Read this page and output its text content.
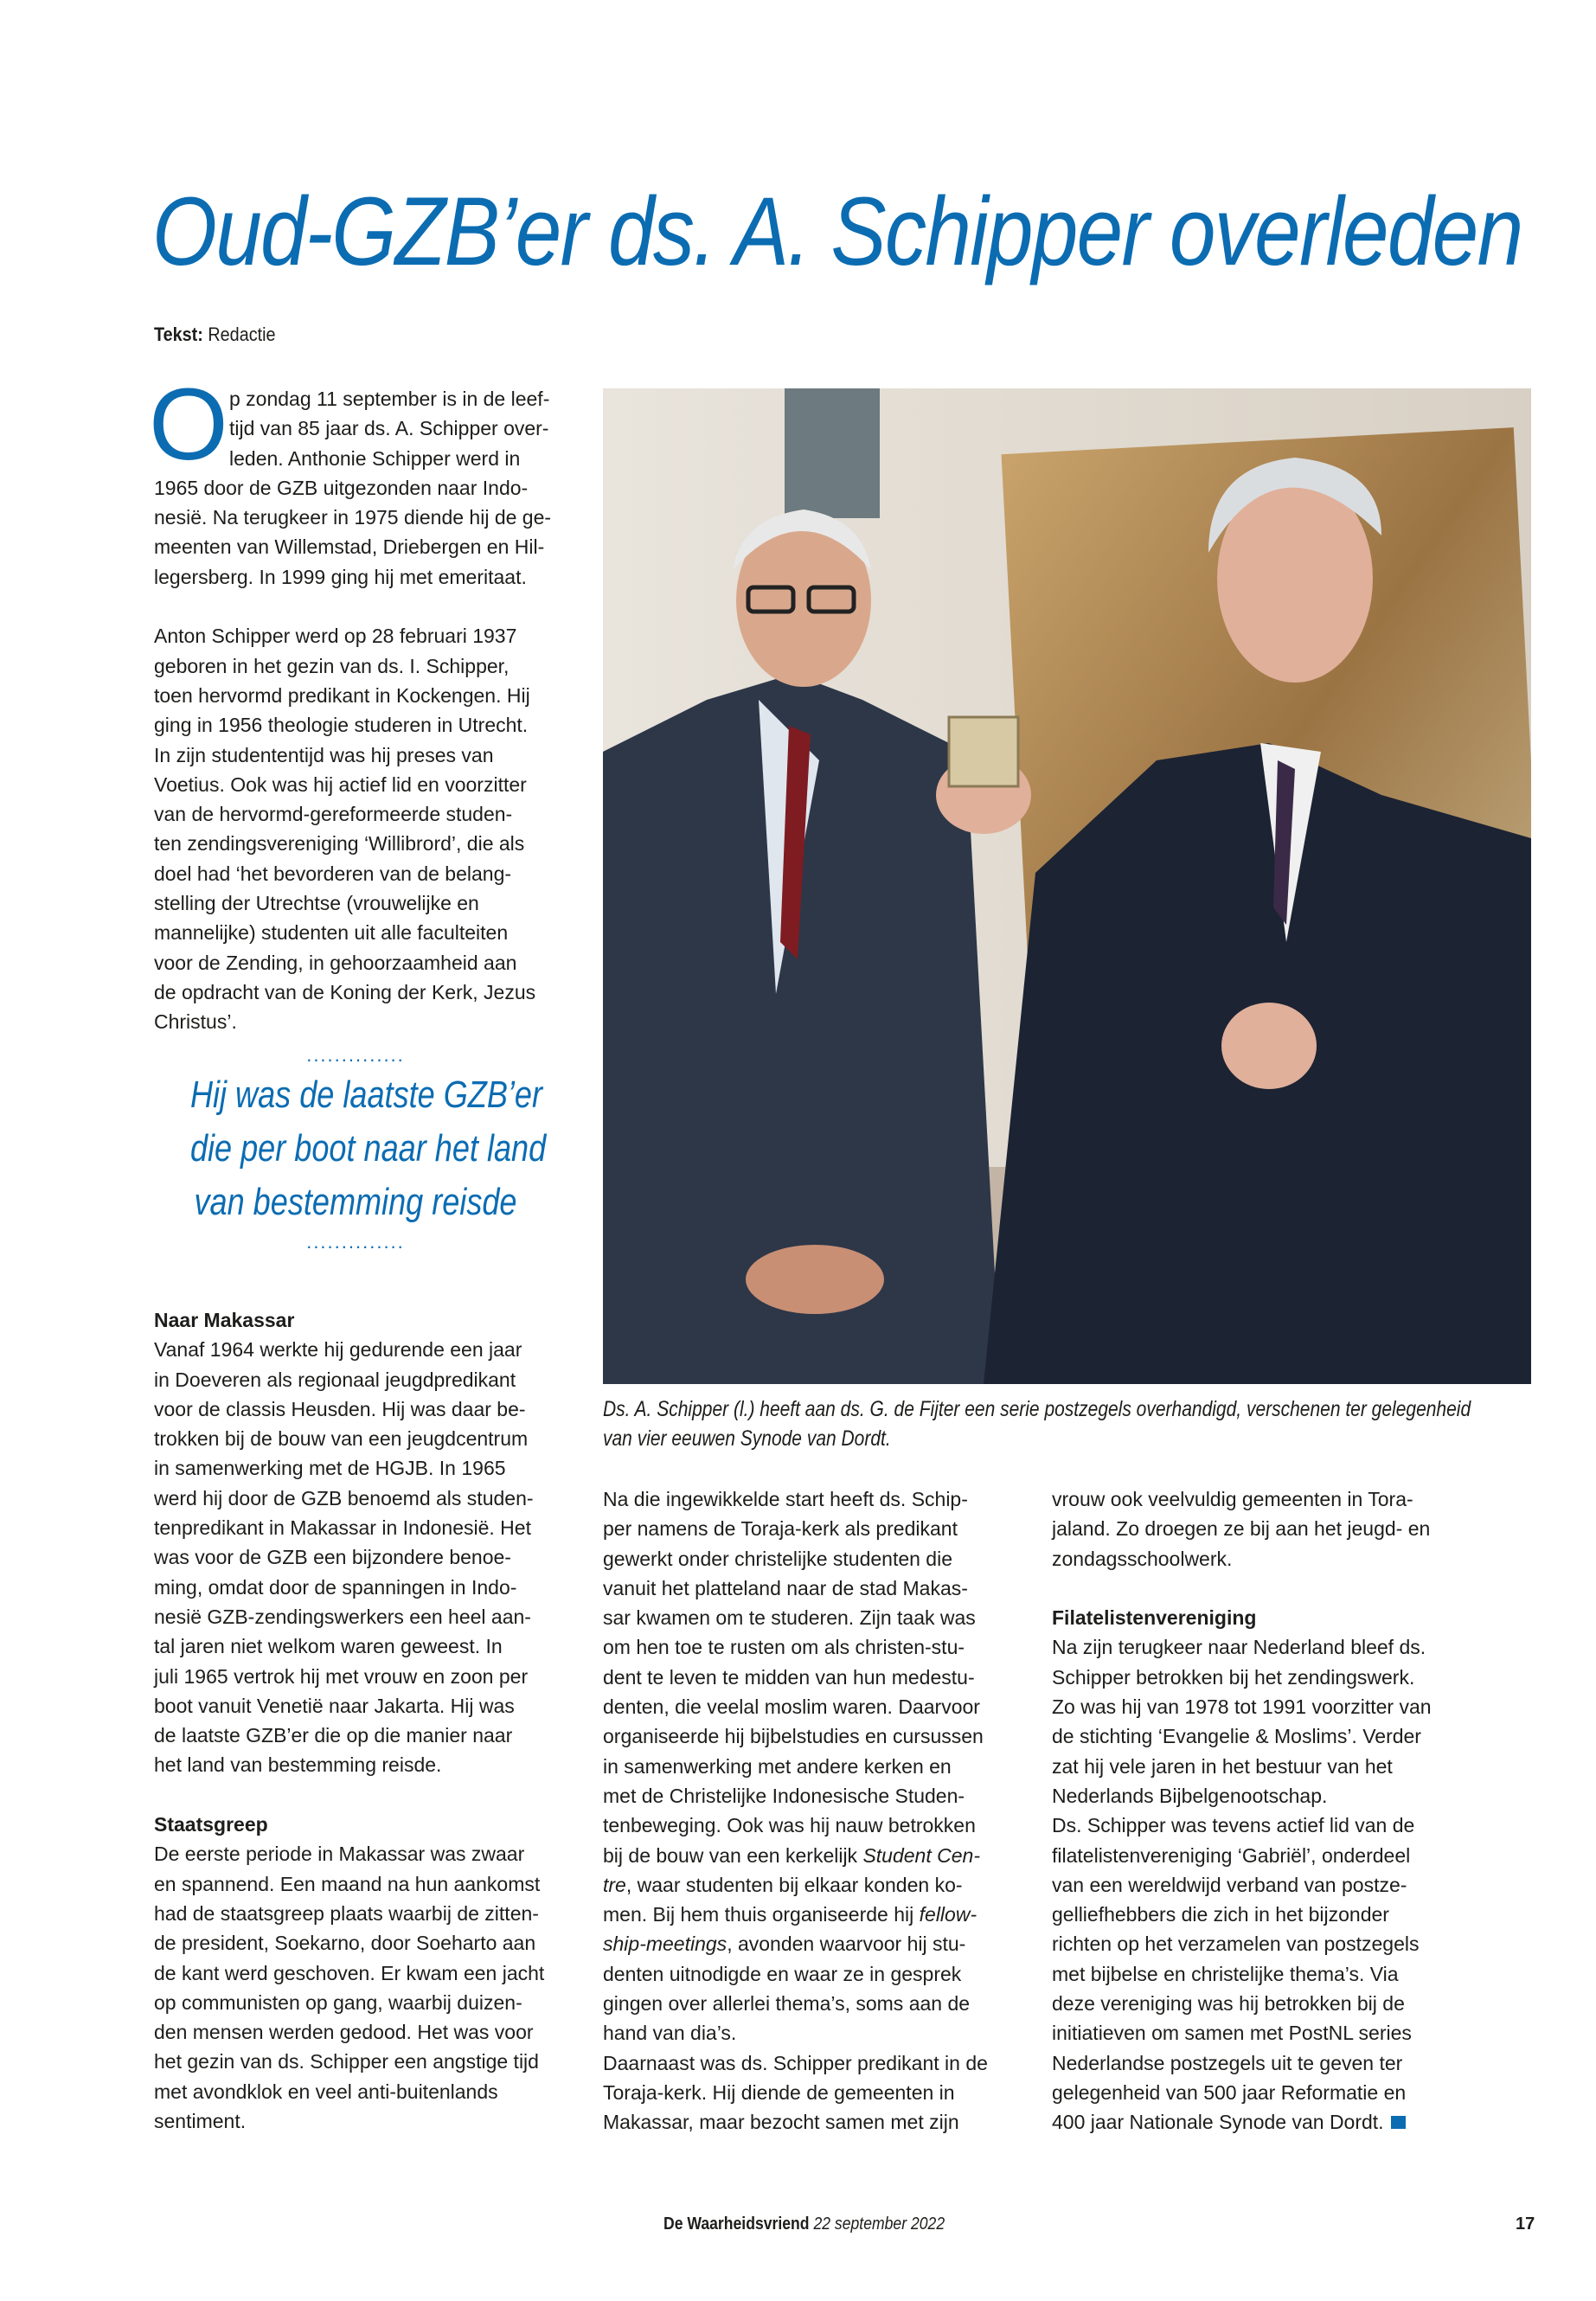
Oud-GZB’er ds. A. Schipper overleden
Tekst: Redactie
O p zondag 11 september is in de leef-
tijd van 85 jaar ds. A. Schipper over-
leden. Anthonie Schipper werd in
1965 door de GZB uitgezonden naar Indo-
nesië. Na terugkeer in 1975 diende hij de ge-
meenten van Willemstad, Driebergen en Hil-
legersberg. In 1999 ging hij met emeritaat.
Anton Schipper werd op 28 februari 1937
geboren in het gezin van ds. I. Schipper,
toen hervormd predikant in Kockengen. Hij
ging in 1956 theologie studeren in Utrecht.
In zijn studententijd was hij preses van
Voetius. Ook was hij actief lid en voorzitter
van de hervormd-gereformeerde studen-
ten zendingsvereniging ‘Willibrord’, die als
doel had ‘het bevorderen van de belang-
stelling der Utrechtse (vrouwelijke en
mannelijke) studenten uit alle faculteiten
voor de Zending, in gehoorzaamheid aan
de opdracht van de Koning der Kerk, Jezus
Christus’.
..............
Hij was de laatste GZB’er
die per boot naar het land
van bestemming reisde
..............
Naar Makassar
Vanaf 1964 werkte hij gedurende een jaar
in Doeveren als regionaal jeugdpredikant
voor de classis Heusden. Hij was daar be-
trokken bij de bouw van een jeugdcentrum
in samenwerking met de HGJB. In 1965
werd hij door de GZB benoemd als studen-
tenpredikant in Makassar in Indonesië. Het
was voor de GZB een bijzondere benoe-
ming, omdat door de spanningen in Indo-
nesië GZB-zendingswerkers een heel aan-
tal jaren niet welkom waren geweest. In
juli 1965 vertrok hij met vrouw en zoon per
boot vanuit Venetië naar Jakarta. Hij was
de laatste GZB’er die op die manier naar
het land van bestemming reisde.
Staatsgreep
De eerste periode in Makassar was zwaar
en spannend. Een maand na hun aankomst
had de staatsgreep plaats waarbij de zitten-
de president, Soekarno, door Soeharto aan
de kant werd geschoven. Er kwam een jacht
op communisten op gang, waarbij duizen-
den mensen werden gedood. Het was voor
het gezin van ds. Schipper een angstige tijd
met avondklok en veel anti-buitenlands
sentiment.
Na die ingewikkelde start heeft ds. Schip-
per namens de Toraja-kerk als predikant
gewerkt onder christelijke studenten die
vanuit het platteland naar de stad Makas-
sar kwamen om te studeren. Zijn taak was
om hen toe te rusten om als christen-stu-
dent te leven te midden van hun medestu-
denten, die veelal moslim waren. Daarvoor
organiseerde hij bijbelstudies en cursussen
in samenwerking met andere kerken en
met de Christelijke Indonesische Studen-
tenbeweging. Ook was hij nauw betrokken
bij de bouw van een kerkelijk Student Cen-
tre, waar studenten bij elkaar konden ko-
men. Bij hem thuis organiseerde hij fellow-
ship-meetings, avonden waarvoor hij stu-
denten uitnodigde en waar ze in gesprek
gingen over allerlei thema’s, soms aan de
hand van dia’s.
Daarnaast was ds. Schipper predikant in de
Toraja-kerk. Hij diende de gemeenten in
Makassar, maar bezocht samen met zijn
vrouw ook veelvuldig gemeenten in Tora-
jaland. Zo droegen ze bij aan het jeugd- en
zondagsschoolwerk.
Filatelistenvereniging
Na zijn terugkeer naar Nederland bleef ds.
Schipper betrokken bij het zendingswerk.
Zo was hij van 1978 tot 1991 voorzitter van
de stichting ‘Evangelie & Moslims’. Verder
zat hij vele jaren in het bestuur van het
Nederlands Bijbelgenootschap.
Ds. Schipper was tevens actief lid van de
filatelistenvereniging ‘Gabriël’, onderdeel
van een wereldwijd verband van postze-
gelliefhebbers die zich in het bijzonder
richten op het verzamelen van postzegels
met bijbelse en christelijke thema’s. Via
deze vereniging was hij betrokken bij de
initiatieven om samen met PostNL series
Nederlandse postzegels uit te geven ter
gelegenheid van 500 jaar Reformatie en
400 jaar Nationale Synode van Dordt.
Ds. A. Schipper (l.) heeft aan ds. G. de Fijter een serie postzegels overhandigd, verschenen ter gelegenheid
van vier eeuwen Synode van Dordt.
De Waarheidsvriend 22 september 2022	17
